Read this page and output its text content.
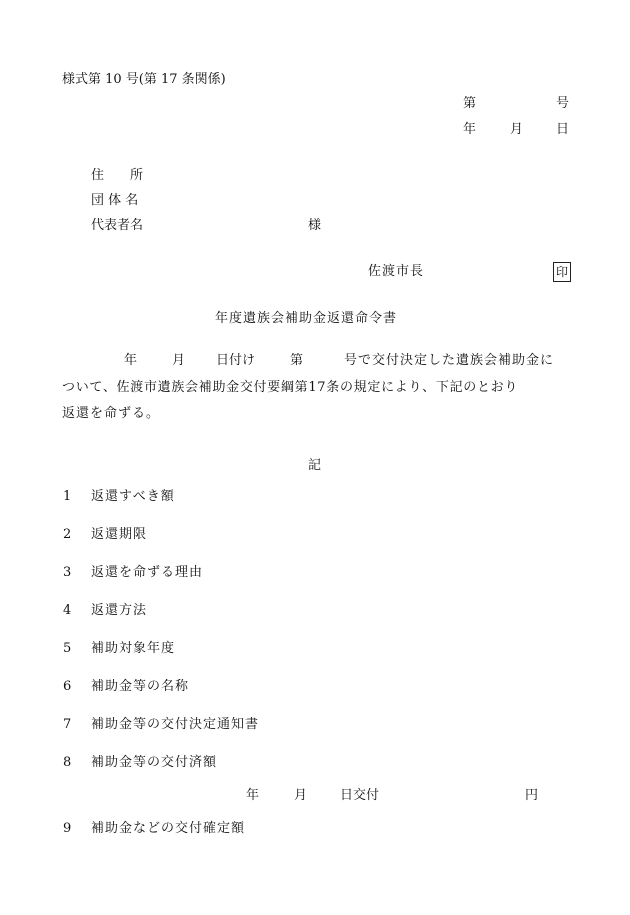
様式第 10 号(第 17 条関係)
第	号
年	月	日
住　　所
団 体 名
代表者名	様
佐渡市長	印
年度遺族会補助金返還命令書
年	月 日付け	第	号で交付決定した遺族会補助金に
ついて、佐渡市遺族会補助金交付要綱第17条の規定により、下記のとおり
返還を命ずる。
記
1 返還すべき額
2 返還期限
3 返還を命ずる理由
4 返還方法
5 補助対象年度
6 補助金等の名称
7 補助金等の交付決定通知書
8 補助金等の交付済額
年	月	日交付	円
9 補助金などの交付確定額
